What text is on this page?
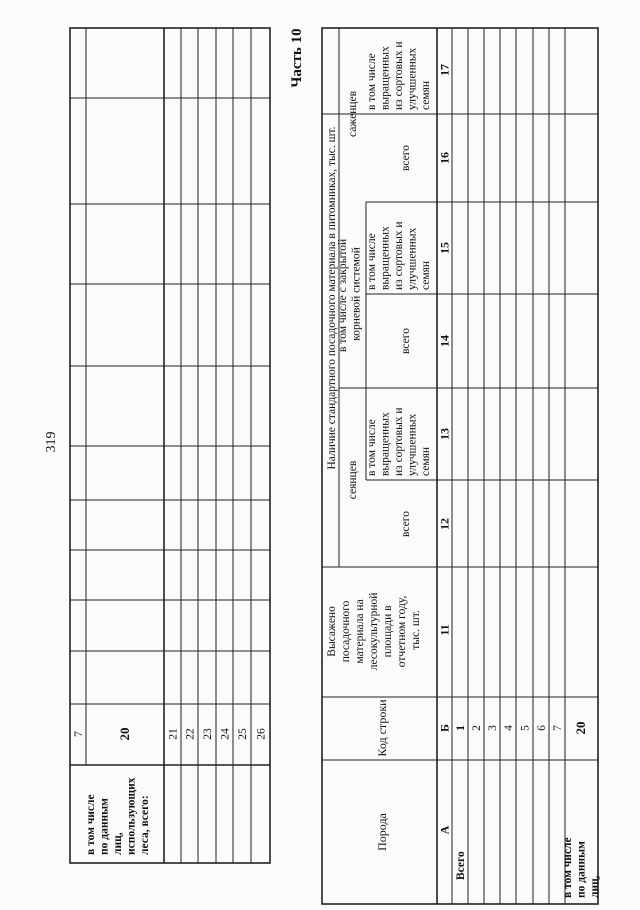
319
Часть 10
7 20
в том числе по данным лиц, использующих леса, всего:
21 22 23 24 25 26
Наличие стандартного посадочного материала в питомниках, тыс. шт.
сеянцев
саженцев
в том числе с закрытой корневой системой
всего
всего
всего
в том числе выращенных из сортовых и улучшенных семян
в том числе выращенных из сортовых и улучшенных семян
в том числе выращенных из сортовых и улучшенных семян
Высажено посадочного материала на лесокультурной площади в отчетном году, тыс. шт.
Код строки
Порода	А
Б
11
12
13
14
15
16
17
Всего
1 2 3 4 5 6 7 20
в том числе по данным лиц,
